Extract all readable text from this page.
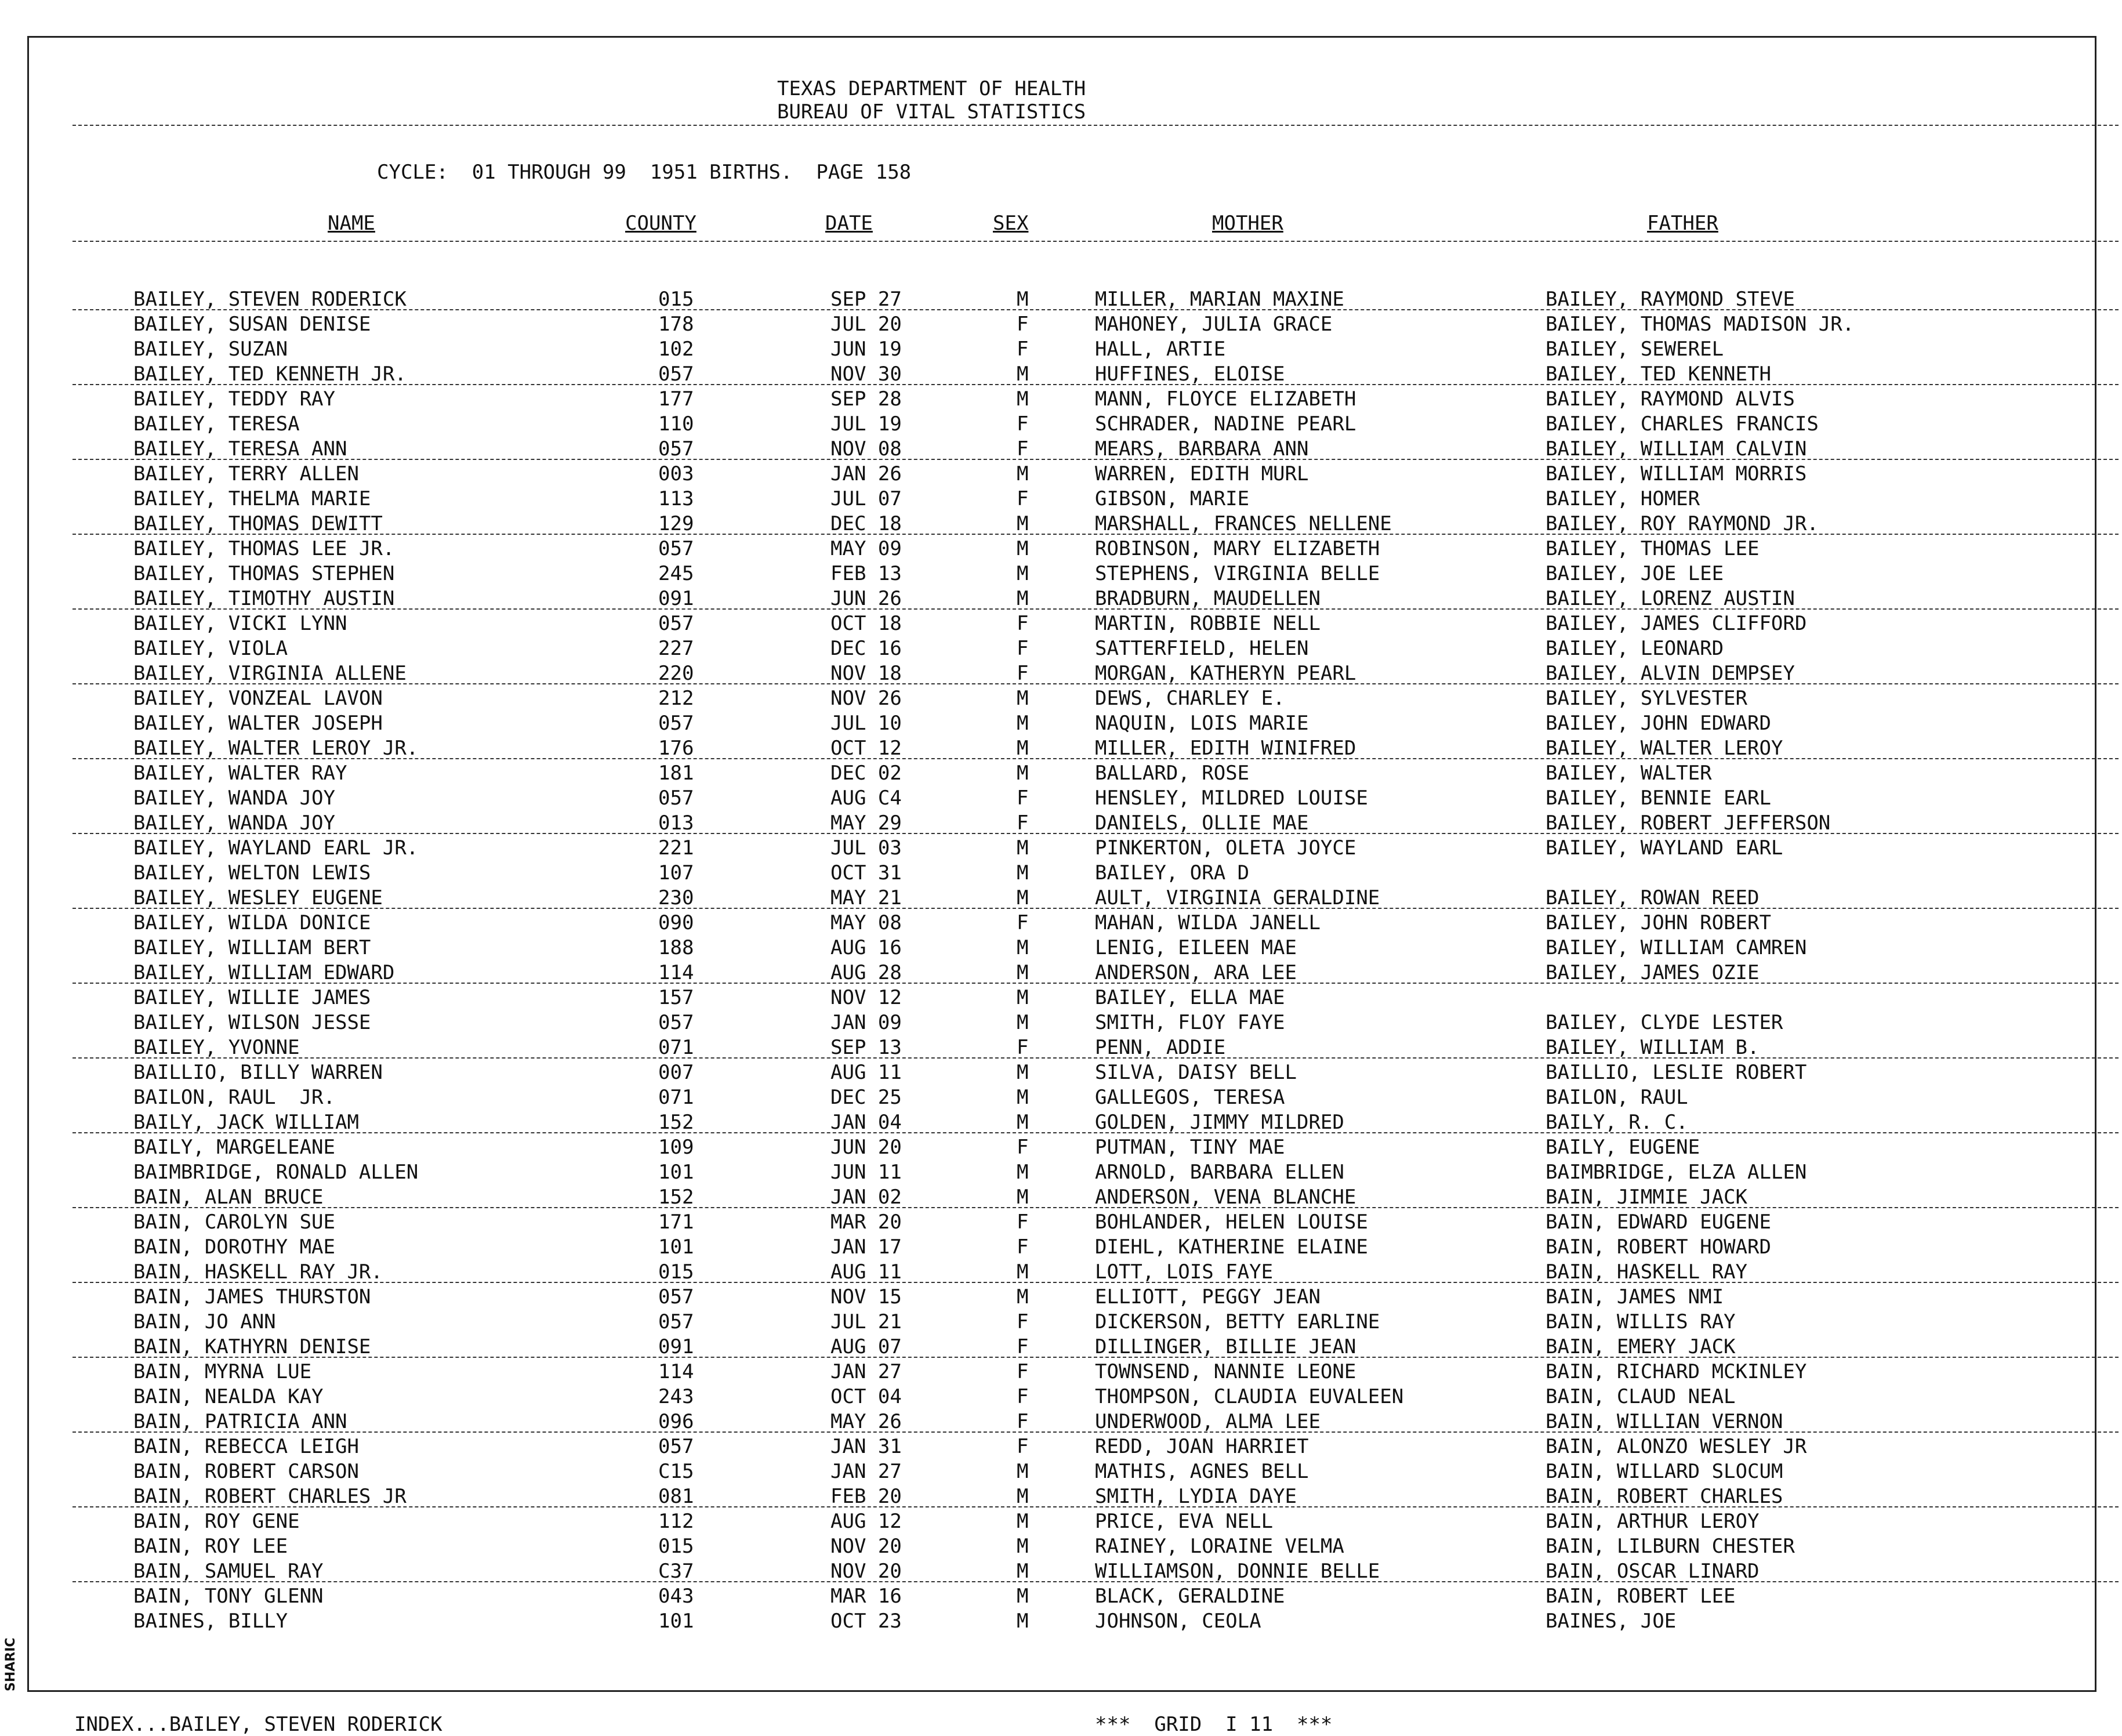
SHARIC
TEXAS DEPARTMENT OF HEALTH
BUREAU OF VITAL STATISTICS
CYCLE:  01 THROUGH 99  1951 BIRTHS.  PAGE 158
NAME	COUNTY	DATE	SEX	MOTHER	FATHER
BAILEY, STEVEN RODERICK	015	SEP 27	M	MILLER, MARIAN MAXINE	BAILEY, RAYMOND STEVE
BAILEY, SUSAN DENISE	178	JUL 20	F	MAHONEY, JULIA GRACE	BAILEY, THOMAS MADISON JR.
BAILEY, SUZAN	102	JUN 19	F	HALL, ARTIE	BAILEY, SEWEREL
BAILEY, TED KENNETH JR.	057	NOV 30	M	HUFFINES, ELOISE	BAILEY, TED KENNETH
BAILEY, TEDDY RAY	177	SEP 28	M	MANN, FLOYCE ELIZABETH	BAILEY, RAYMOND ALVIS
BAILEY, TERESA	110	JUL 19	F	SCHRADER, NADINE PEARL	BAILEY, CHARLES FRANCIS
BAILEY, TERESA ANN	057	NOV 08	F	MEARS, BARBARA ANN	BAILEY, WILLIAM CALVIN
BAILEY, TERRY ALLEN	003	JAN 26	M	WARREN, EDITH MURL	BAILEY, WILLIAM MORRIS
BAILEY, THELMA MARIE	113	JUL 07	F	GIBSON, MARIE	BAILEY, HOMER
BAILEY, THOMAS DEWITT	129	DEC 18	M	MARSHALL, FRANCES NELLENE	BAILEY, ROY RAYMOND JR.
BAILEY, THOMAS LEE JR.	057	MAY 09	M	ROBINSON, MARY ELIZABETH	BAILEY, THOMAS LEE
BAILEY, THOMAS STEPHEN	245	FEB 13	M	STEPHENS, VIRGINIA BELLE	BAILEY, JOE LEE
BAILEY, TIMOTHY AUSTIN	091	JUN 26	M	BRADBURN, MAUDELLEN	BAILEY, LORENZ AUSTIN
BAILEY, VICKI LYNN	057	OCT 18	F	MARTIN, ROBBIE NELL	BAILEY, JAMES CLIFFORD
BAILEY, VIOLA	227	DEC 16	F	SATTERFIELD, HELEN	BAILEY, LEONARD
BAILEY, VIRGINIA ALLENE	220	NOV 18	F	MORGAN, KATHERYN PEARL	BAILEY, ALVIN DEMPSEY
BAILEY, VONZEAL LAVON	212	NOV 26	M	DEWS, CHARLEY E.	BAILEY, SYLVESTER
BAILEY, WALTER JOSEPH	057	JUL 10	M	NAQUIN, LOIS MARIE	BAILEY, JOHN EDWARD
BAILEY, WALTER LEROY JR.	176	OCT 12	M	MILLER, EDITH WINIFRED	BAILEY, WALTER LEROY
BAILEY, WALTER RAY	181	DEC 02	M	BALLARD, ROSE	BAILEY, WALTER
BAILEY, WANDA JOY	057	AUG C4	F	HENSLEY, MILDRED LOUISE	BAILEY, BENNIE EARL
BAILEY, WANDA JOY	013	MAY 29	F	DANIELS, OLLIE MAE	BAILEY, ROBERT JEFFERSON
BAILEY, WAYLAND EARL JR.	221	JUL 03	M	PINKERTON, OLETA JOYCE	BAILEY, WAYLAND EARL
BAILEY, WELTON LEWIS	107	OCT 31	M	BAILEY, ORA D
BAILEY, WESLEY EUGENE	230	MAY 21	M	AULT, VIRGINIA GERALDINE	BAILEY, ROWAN REED
BAILEY, WILDA DONICE	090	MAY 08	F	MAHAN, WILDA JANELL	BAILEY, JOHN ROBERT
BAILEY, WILLIAM BERT	188	AUG 16	M	LENIG, EILEEN MAE	BAILEY, WILLIAM CAMREN
BAILEY, WILLIAM EDWARD	114	AUG 28	M	ANDERSON, ARA LEE	BAILEY, JAMES OZIE
BAILEY, WILLIE JAMES	157	NOV 12	M	BAILEY, ELLA MAE
BAILEY, WILSON JESSE	057	JAN 09	M	SMITH, FLOY FAYE	BAILEY, CLYDE LESTER
BAILEY, YVONNE	071	SEP 13	F	PENN, ADDIE	BAILEY, WILLIAM B.
BAILLIO, BILLY WARREN	007	AUG 11	M	SILVA, DAISY BELL	BAILLIO, LESLIE ROBERT
BAILON, RAUL  JR.	071	DEC 25	M	GALLEGOS, TERESA	BAILON, RAUL
BAILY, JACK WILLIAM	152	JAN 04	M	GOLDEN, JIMMY MILDRED	BAILY, R. C.
BAILY, MARGELEANE	109	JUN 20	F	PUTMAN, TINY MAE	BAILY, EUGENE
BAIMBRIDGE, RONALD ALLEN	101	JUN 11	M	ARNOLD, BARBARA ELLEN	BAIMBRIDGE, ELZA ALLEN
BAIN, ALAN BRUCE	152	JAN 02	M	ANDERSON, VENA BLANCHE	BAIN, JIMMIE JACK
BAIN, CAROLYN SUE	171	MAR 20	F	BOHLANDER, HELEN LOUISE	BAIN, EDWARD EUGENE
BAIN, DOROTHY MAE	101	JAN 17	F	DIEHL, KATHERINE ELAINE	BAIN, ROBERT HOWARD
BAIN, HASKELL RAY JR.	015	AUG 11	M	LOTT, LOIS FAYE	BAIN, HASKELL RAY
BAIN, JAMES THURSTON	057	NOV 15	M	ELLIOTT, PEGGY JEAN	BAIN, JAMES NMI
BAIN, JO ANN	057	JUL 21	F	DICKERSON, BETTY EARLINE	BAIN, WILLIS RAY
BAIN, KATHYRN DENISE	091	AUG 07	F	DILLINGER, BILLIE JEAN	BAIN, EMERY JACK
BAIN, MYRNA LUE	114	JAN 27	F	TOWNSEND, NANNIE LEONE	BAIN, RICHARD MCKINLEY
BAIN, NEALDA KAY	243	OCT 04	F	THOMPSON, CLAUDIA EUVALEEN	BAIN, CLAUD NEAL
BAIN, PATRICIA ANN	096	MAY 26	F	UNDERWOOD, ALMA LEE	BAIN, WILLIAN VERNON
BAIN, REBECCA LEIGH	057	JAN 31	F	REDD, JOAN HARRIET	BAIN, ALONZO WESLEY JR
BAIN, ROBERT CARSON	C15	JAN 27	M	MATHIS, AGNES BELL	BAIN, WILLARD SLOCUM
BAIN, ROBERT CHARLES JR	081	FEB 20	M	SMITH, LYDIA DAYE	BAIN, ROBERT CHARLES
BAIN, ROY GENE	112	AUG 12	M	PRICE, EVA NELL	BAIN, ARTHUR LEROY
BAIN, ROY LEE	015	NOV 20	M	RAINEY, LORAINE VELMA	BAIN, LILBURN CHESTER
BAIN, SAMUEL RAY	C37	NOV 20	M	WILLIAMSON, DONNIE BELLE	BAIN, OSCAR LINARD
BAIN, TONY GLENN	043	MAR 16	M	BLACK, GERALDINE	BAIN, ROBERT LEE
BAINES, BILLY	101	OCT 23	M	JOHNSON, CEOLA	BAINES, JOE
INDEX...BAILEY, STEVEN RODERICK	***  GRID  I 11  ***
